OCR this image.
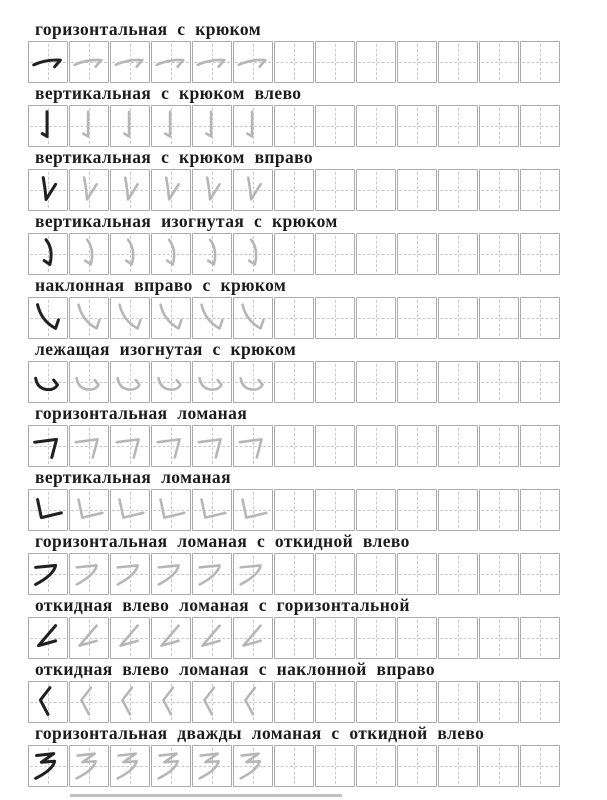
горизонтальная с крюком
вертикальная с крюком влево
вертикальная с крюком вправо
вертикальная изогнутая с крюком
наклонная вправо с крюком
лежащая изогнутая с крюком
горизонтальная ломаная
вертикальная ломаная
горизонтальная ломаная с откидной влево
откидная влево ломаная с горизонтальной
откидная влево ломаная с наклонной вправо
горизонтальная дважды ломаная с откидной влево
